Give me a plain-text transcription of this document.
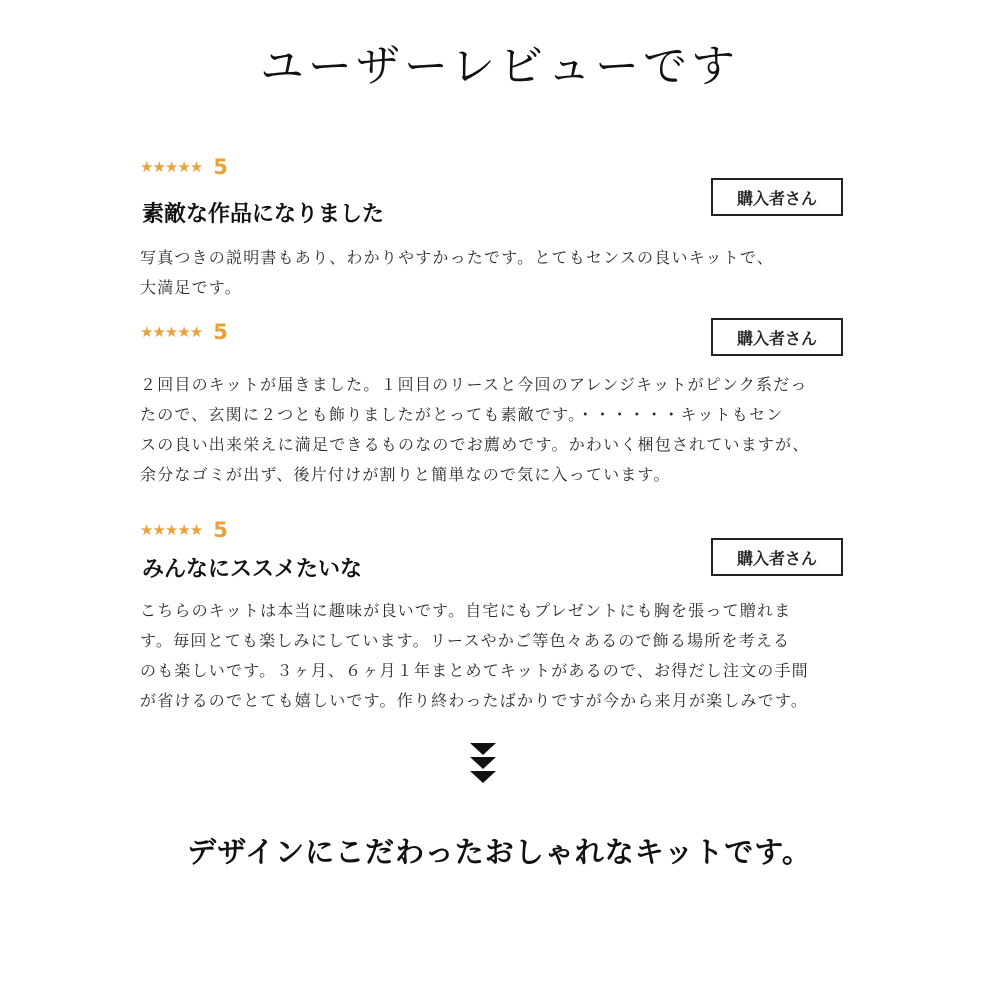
ユーザーレビューです
★★★★★ 5
素敵な作品になりました
購入者さん

写真つきの説明書もあり、わかりやすかったです。とてもセンスの良いキットで、
大満足です。

★★★★★ 5	購入者さん

２回目のキットが届きました。１回目のリースと今回のアレンジキットがピンク系だっ
たので、玄関に２つとも飾りましたがとっても素敵です。・・・・・・キットもセン
スの良い出来栄えに満足できるものなのでお薦めです。かわいく梱包されていますが、
余分なゴミが出ず、後片付けが割りと簡単なので気に入っています。

★★★★★ 5
みんなにススメたいな	購入者さん

こちらのキットは本当に趣味が良いです。自宅にもプレゼントにも胸を張って贈れま
す。毎回とても楽しみにしています。リースやかご等色々あるので飾る場所を考える
のも楽しいです。３ヶ月、６ヶ月１年まとめてキットがあるので、お得だし注文の手間
が省けるのでとても嬉しいです。作り終わったばかりですが今から来月が楽しみです。

デザインにこだわったおしゃれなキットです。
